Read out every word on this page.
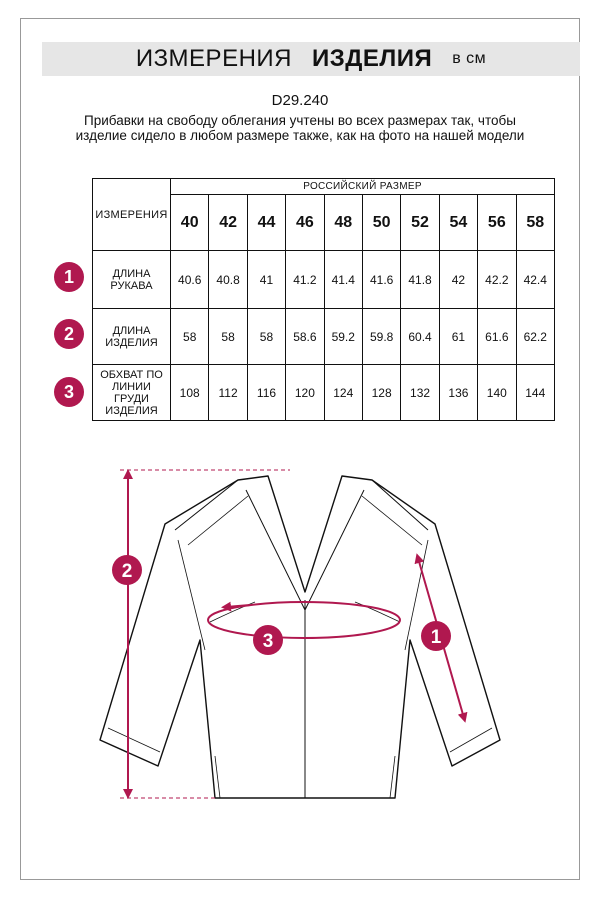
ИЗМЕРЕНИЯ ИЗДЕЛИЯ в см
D29.240
Прибавки на свободу облегания учтены во всех размерах так, чтобы изделие сидело в любом размере также, как на фото на нашей модели
ИЗМЕРЕНИЯ	РОССИЙСКИЙ РАЗМЕР									
	40	42	44	46	48	50	52	54	56	58
ДЛИНА РУКАВА	40.6	40.8	41	41.2	41.4	41.6	41.8	42	42.2	42.4
ДЛИНА ИЗДЕЛИЯ	58	58	58	58.6	59.2	59.8	60.4	61	61.6	62.2
ОБХВАТ ПО ЛИНИИ ГРУДИ ИЗДЕЛИЯ	108	112	116	120	124	128	132	136	140	144
1
2
3
2
3	1
